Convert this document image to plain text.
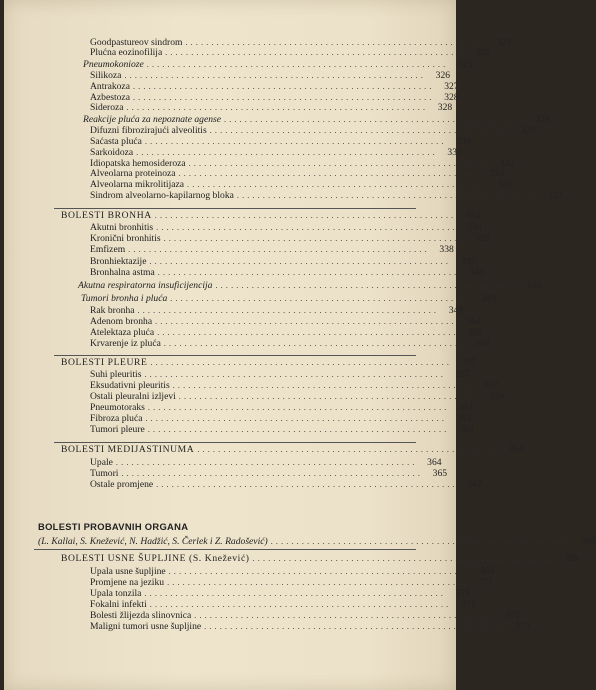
Goodpastureov sindrom ..........................................................	325
Plućna eozinofilija ..........................................................	325
Pneumokonioze ..........................................................	325
Silikoza ..........................................................	326
Antrakoza ..........................................................	327
Azbestoza ..........................................................	328
Sideroza ..........................................................	328
Reakcije pluća za nepoznate agense ..........................................................	328
Difuzni fibrozirajući alveolitis ..........................................................	329
Saćasta pluća ..........................................................	330
Sarkoidoza ..........................................................	331
Idiopatska hemosideroza ..........................................................	332
Alveolarna proteinoza ..........................................................	333
Alveolarna mikrolitijaza ..........................................................	333
Sindrom alveolarno-kapilarnog bloka ..........................................................	333
BOLESTI BRONHA ..........................................................	334
Akutni bronhitis ..........................................................	334
Kronični bronhitis ..........................................................	335
Emfizem ..........................................................	338
Bronhiektazije ..........................................................	339
Bronhalna astma ..........................................................	343
Akutna respiratorna insuficijencija ..........................................................	348
Tumori bronha i pluća ..........................................................	349
Rak bronha ..........................................................	349
Adenom bronha ..........................................................	354
Atelektaza pluća ..........................................................	355
Krvarenje iz pluća ..........................................................	356
BOLESTI PLEURE ..........................................................	357
Suhi pleuritis ..........................................................	357
Eksudativni pleuritis ..........................................................	357
Ostali pleuralni izljevi ..........................................................	359
Pneumotoraks ..........................................................	361
Fibroza pluća ..........................................................	362
Tumori pleure ..........................................................	363
BOLESTI MEDIJASTINUMA ..........................................................	364
Upale ..........................................................	364
Tumori ..........................................................	365
Ostale promjene ..........................................................	367
BOLESTI PROBAVNIH ORGANA
(L. Kallai, S. Knežević, N. Hadžić, S. Čerlek i Z. Radošević) ..........................................................	369
BOLESTI USNE ŠUPLJINE (S. Knežević) ..........................................................	369
Upala usne šupljine ..........................................................	369
Promjene na jeziku ..........................................................	371
Upala tonzila ..........................................................	371
Fokalni infekti ..........................................................	372
Bolesti žlijezda slinovnica ..........................................................	372
Maligni tumori usne šupljine ..........................................................	373
